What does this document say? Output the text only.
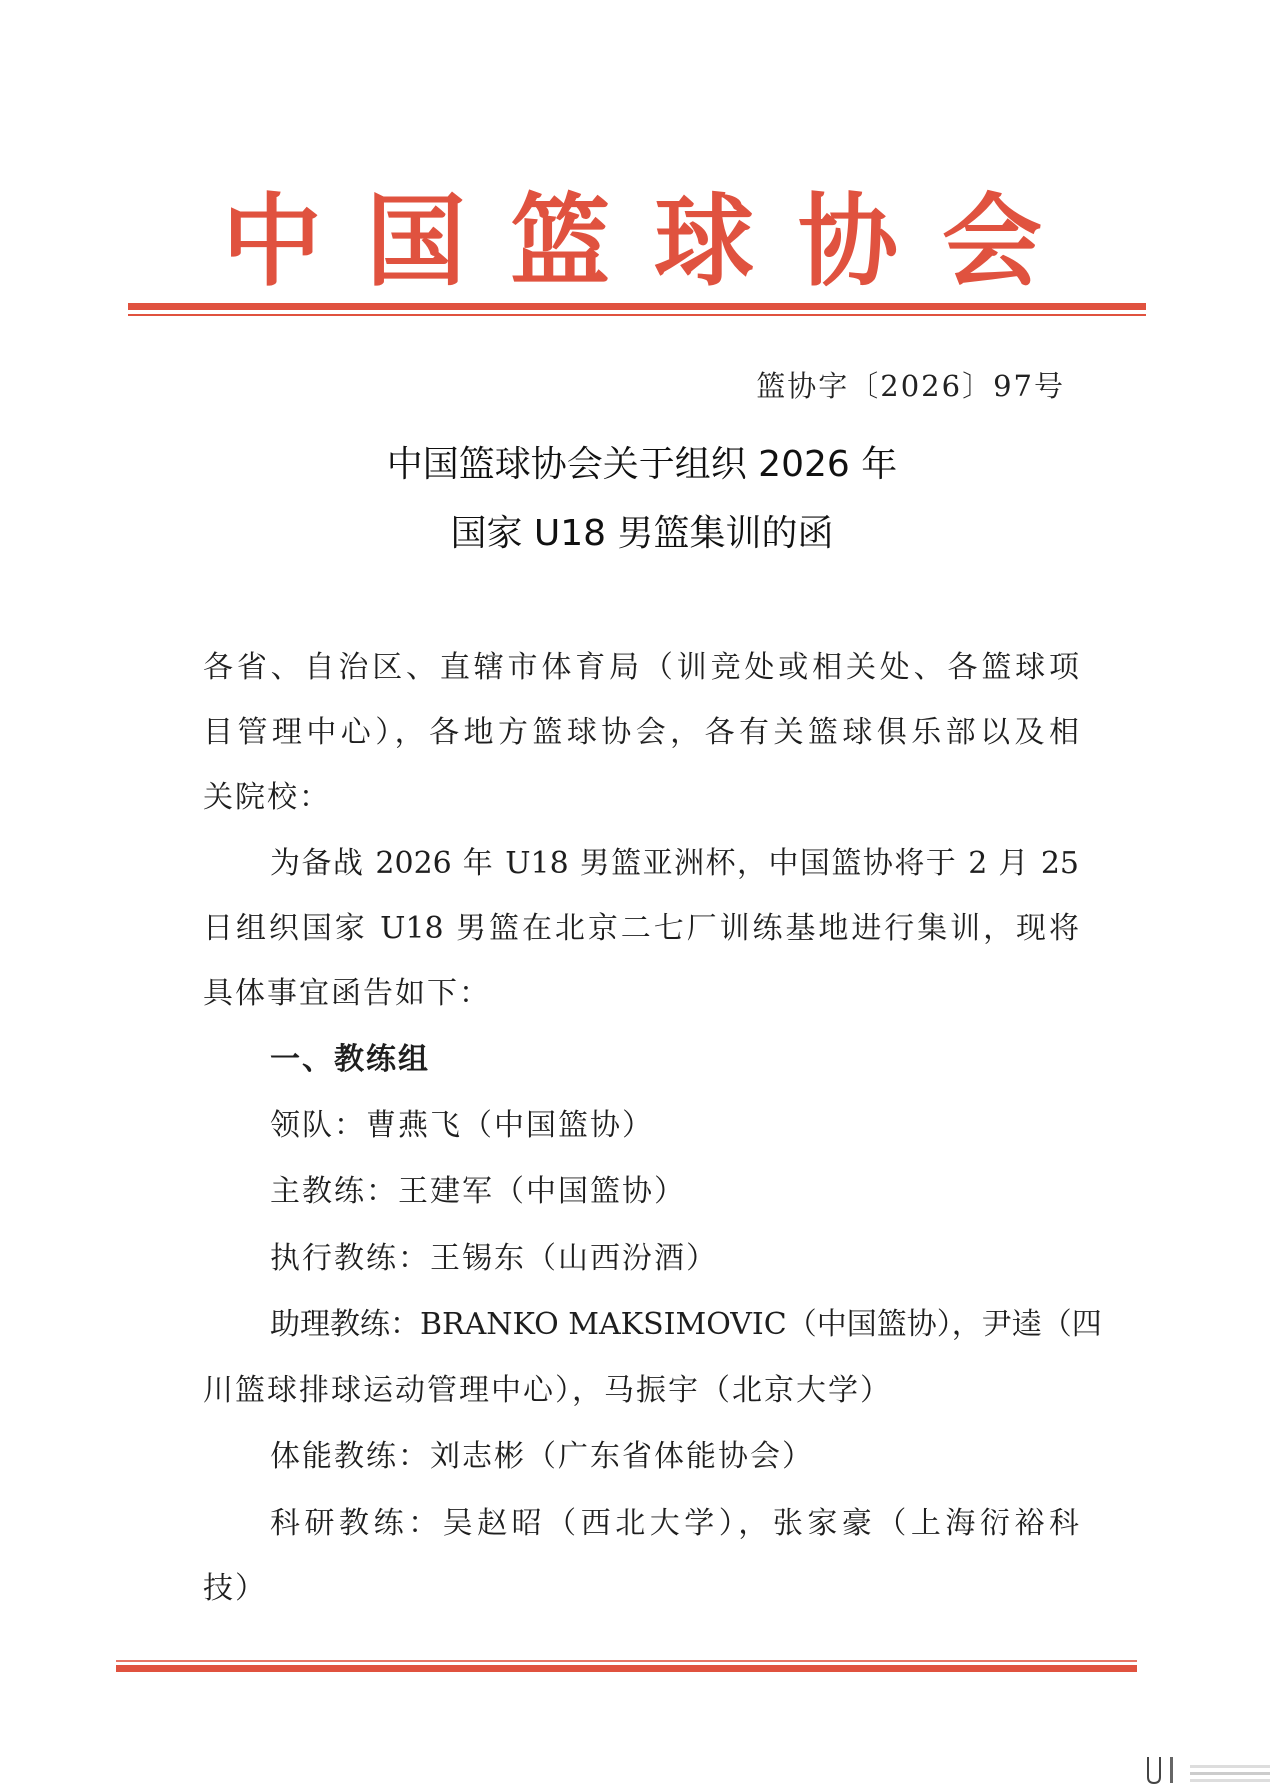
中 国 篮 球 协 会
篮协字〔2026〕97号
中国篮球协会关于组织 2026 年
国家 U18 男篮集训的函
各省、自治区、直辖市体育局（训竞处或相关处、各篮球项
目管理中心），各地方篮球协会，各有关篮球俱乐部以及相
关院校：
为备战 2026 年 U18 男篮亚洲杯，中国篮协将于 2 月 25
日组织国家 U18 男篮在北京二七厂训练基地进行集训，现将
具体事宜函告如下：
一、教练组
领队：曹燕飞（中国篮协）
主教练：王建军（中国篮协）
执行教练：王锡东（山西汾酒）
助理教练：BRANKO MAKSIMOVIC（中国篮协），尹逵（四
川篮球排球运动管理中心），马振宇（北京大学）
体能教练：刘志彬（广东省体能协会）
科研教练：吴赵昭（西北大学），张家豪（上海衍裕科
技）
